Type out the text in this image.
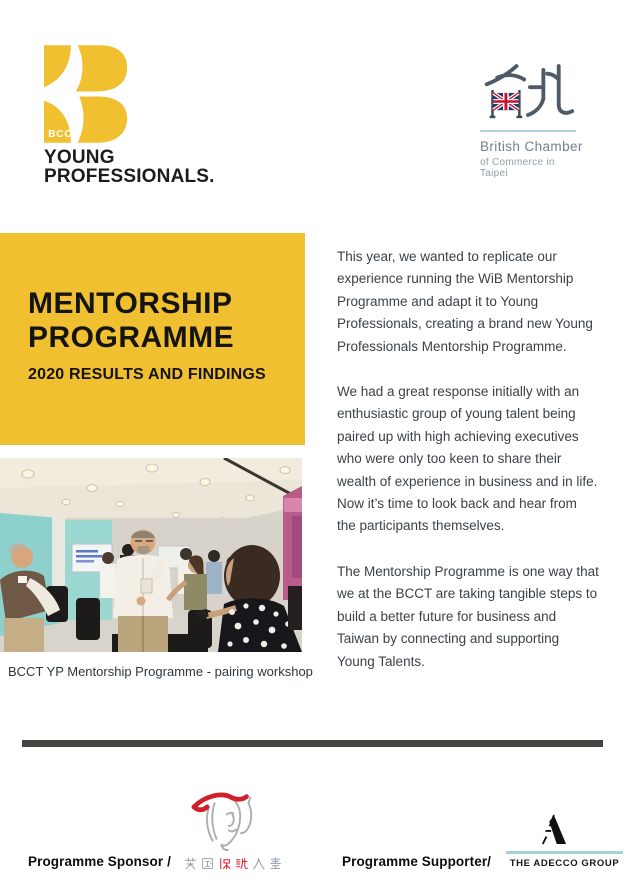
BCCT
YOUNG
PROFESSIONALS.
British Chamber
of Commerce in Taipei
MENTORSHIP
PROGRAMME
2020 RESULTS AND FINDINGS
BCCT YP Mentorship Programme - pairing workshop

This year, we wanted to replicate our experience running the WiB Mentorship Programme and adapt it to Young Professionals, creating a brand new Young Professionals Mentorship Programme.

We had a great response initially with an enthusiastic group of young talent being paired up with high achieving executives who were only too keen to share their wealth of experience in business and in life. Now it’s time to look back and hear from the participants themselves.

The Mentorship Programme is one way that we at the BCCT are taking tangible steps to build a better future for business and Taiwan by connecting and supporting Young Talents.

Programme Sponsor /	Programme Supporter/	THE ADECCO GROUP
